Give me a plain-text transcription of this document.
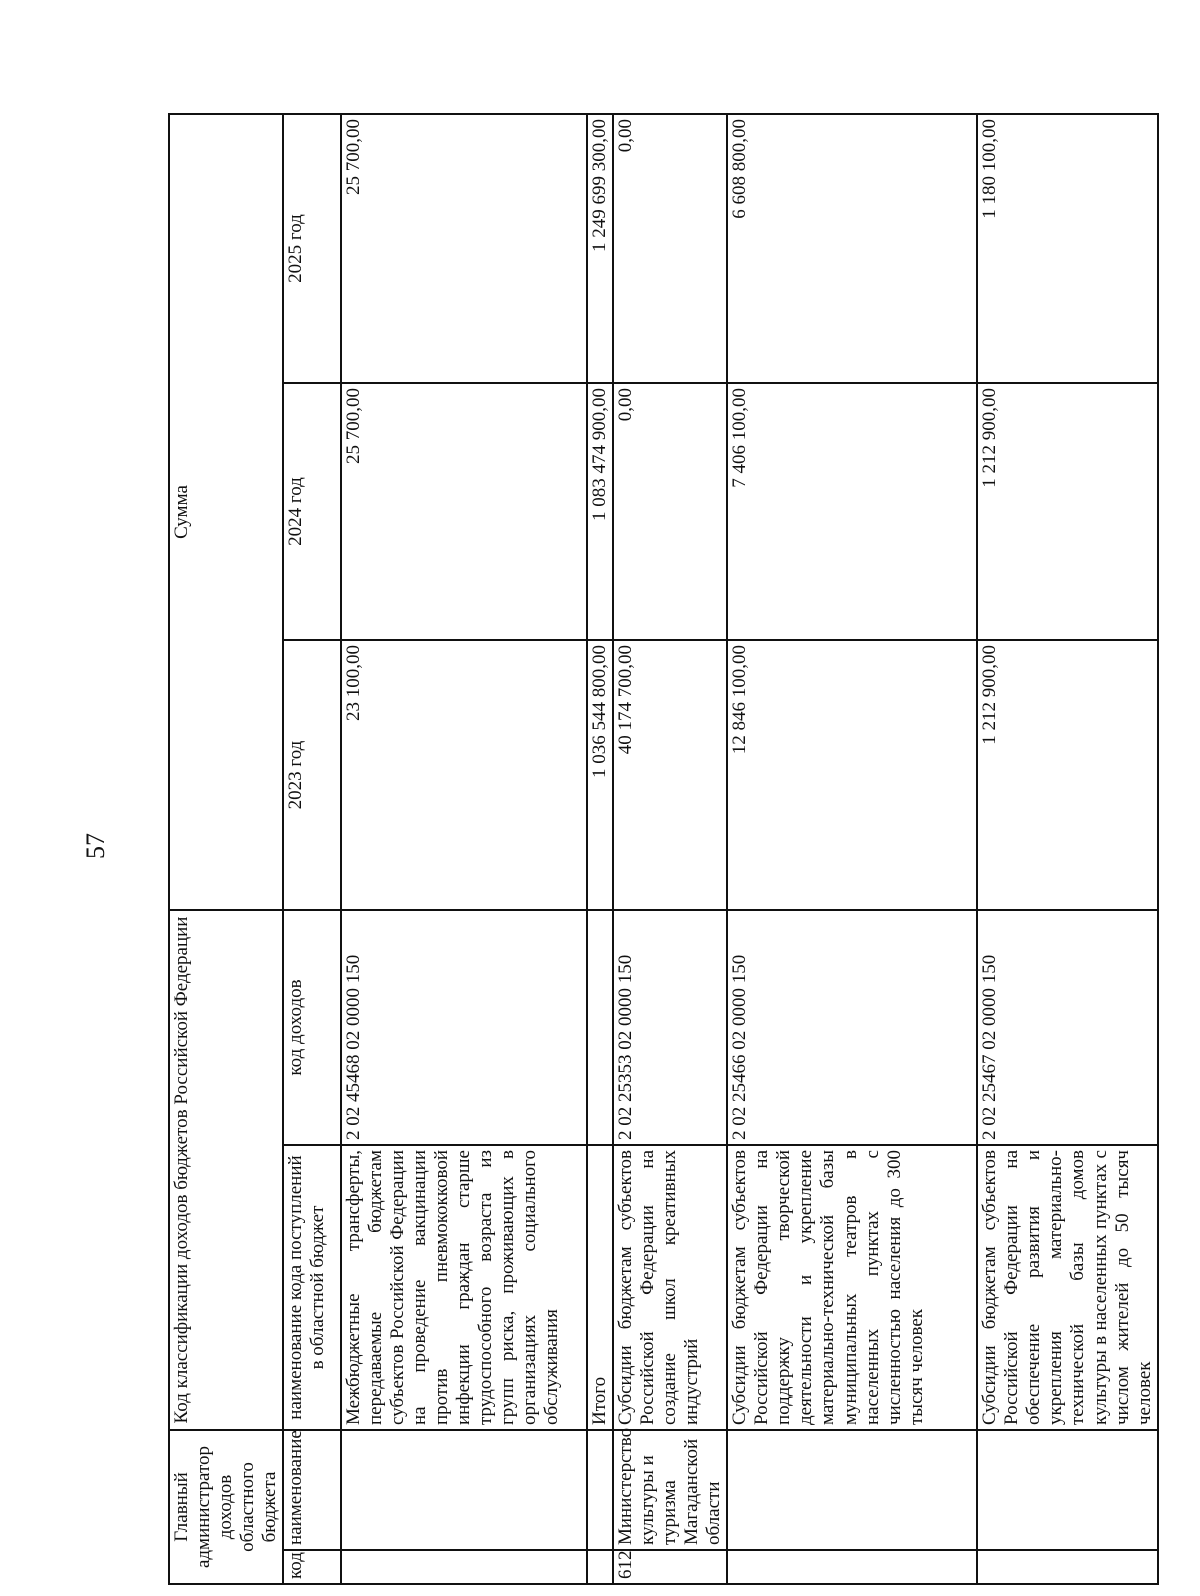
57
Главный администратор доходов областного бюджета		Код классификации доходов бюджетов Российской Федерации		Сумма		
код	наименование	наименование кода поступлений в областной бюджет	код доходов	2023 год	2024 год	2025 год
		Межбюджетные трансферты, передаваемые бюджетам субъектов Российской Федерации на проведение вакцинации против пневмококковой инфекции граждан старше трудоспособного возраста из групп риска, проживающих в организациях социального обслуживания	2 02 45468 02 0000 150	23 100,00	25 700,00	25 700,00
		Итого		1 036 544 800,00	1 083 474 900,00	1 249 699 300,00
612	Министерство культуры и туризма Магаданской области	Субсидии бюджетам субъектов Российской Федерации на создание школ креативных индустрий	2 02 25353 02 0000 150	40 174 700,00	0,00	0,00
		Субсидии бюджетам субъектов Российской Федерации на поддержку творческой деятельности и укрепление материально-технической базы муниципальных театров в населенных пунктах с численностью населения до 300 тысяч человек	2 02 25466 02 0000 150	12 846 100,00	7 406 100,00	6 608 800,00
		Субсидии бюджетам субъектов Российской Федерации на обеспечение развития и укрепления материально-технической базы домов культуры в населенных пунктах с числом жителей до 50 тысяч человек	2 02 25467 02 0000 150	1 212 900,00	1 212 900,00	1 180 100,00
